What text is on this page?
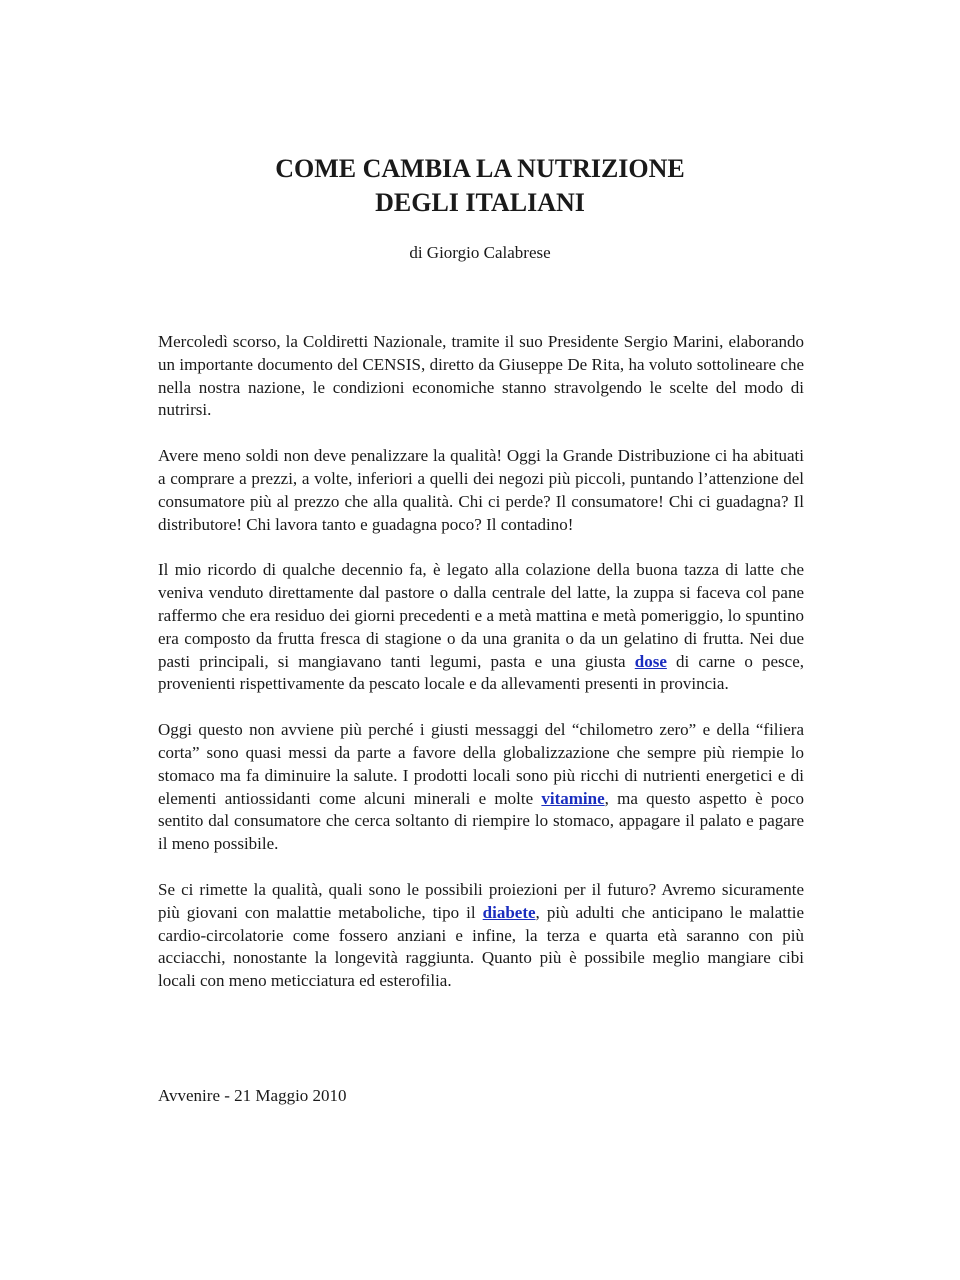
COME CAMBIA LA NUTRIZIONE
DEGLI ITALIANI

di Giorgio Calabrese

Mercoledì scorso, la Coldiretti Nazionale, tramite il suo Presidente Sergio Marini, elaborando un importante documento del CENSIS, diretto da Giuseppe De Rita, ha voluto sottolineare che nella nostra nazione, le condizioni economiche stanno stravolgendo le scelte del modo di nutrirsi.

Avere meno soldi non deve penalizzare la qualità! Oggi la Grande Distribuzione ci ha abituati a comprare a prezzi, a volte, inferiori a quelli dei negozi più piccoli, puntando l’attenzione del consumatore più al prezzo che alla qualità. Chi ci perde? Il consumatore! Chi ci guadagna? Il distributore! Chi lavora tanto e guadagna poco? Il contadino!

Il mio ricordo di qualche decennio fa, è legato alla colazione della buona tazza di latte che veniva venduto direttamente dal pastore o dalla centrale del latte, la zuppa si faceva col pane raffermo che era residuo dei giorni precedenti e a metà mattina e metà pomeriggio, lo spuntino era composto da frutta fresca di stagione o da una granita o da un gelatino di frutta. Nei due pasti principali, si mangiavano tanti legumi, pasta e una giusta dose di carne o pesce, provenienti rispettivamente da pescato locale e da allevamenti presenti in provincia.

Oggi questo non avviene più perché i giusti messaggi del “chilometro zero” e della “filiera corta” sono quasi messi da parte a favore della globalizzazione che sempre più riempie lo stomaco ma fa diminuire la salute. I prodotti locali sono più ricchi di nutrienti energetici e di elementi antiossidanti come alcuni minerali e molte vitamine, ma questo aspetto è poco sentito dal consumatore che cerca soltanto di riempire lo stomaco, appagare il palato e pagare il meno possibile.

Se ci rimette la qualità, quali sono le possibili proiezioni per il futuro? Avremo sicuramente più giovani con malattie metaboliche, tipo il diabete, più adulti che anticipano le malattie cardio-circolatorie come fossero anziani e infine, la terza e quarta età saranno con più acciacchi, nonostante la longevità raggiunta. Quanto più è possibile meglio mangiare cibi locali con meno meticciatura ed esterofilia.

Avvenire - 21 Maggio 2010
